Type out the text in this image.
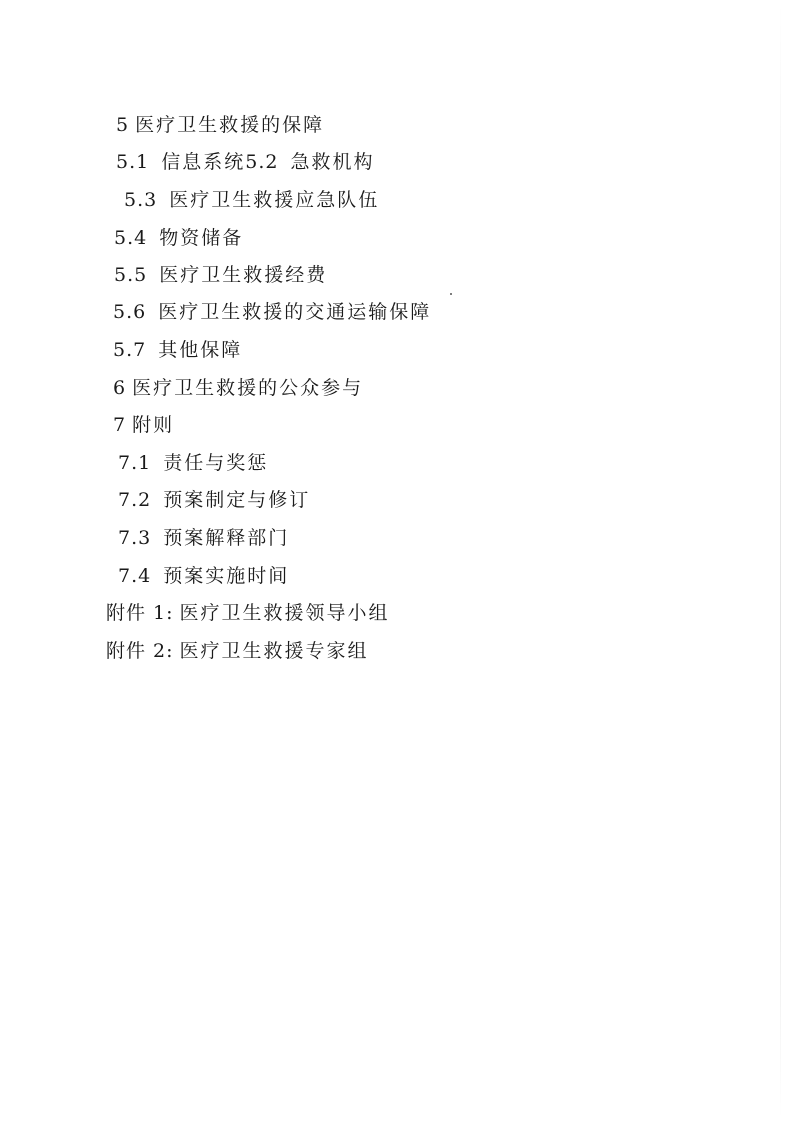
5 医疗卫生救援的保障
5.1 信息系统5.2 急救机构
5.3 医疗卫生救援应急队伍
5.4 物资储备
5.5 医疗卫生救援经费
5.6 医疗卫生救援的交通运输保障
5.7 其他保障
6 医疗卫生救援的公众参与
7 附则
7.1 责任与奖惩
7.2 预案制定与修订
7.3 预案解释部门
7.4 预案实施时间
附件 1: 医疗卫生救援领导小组
附件 2: 医疗卫生救援专家组
